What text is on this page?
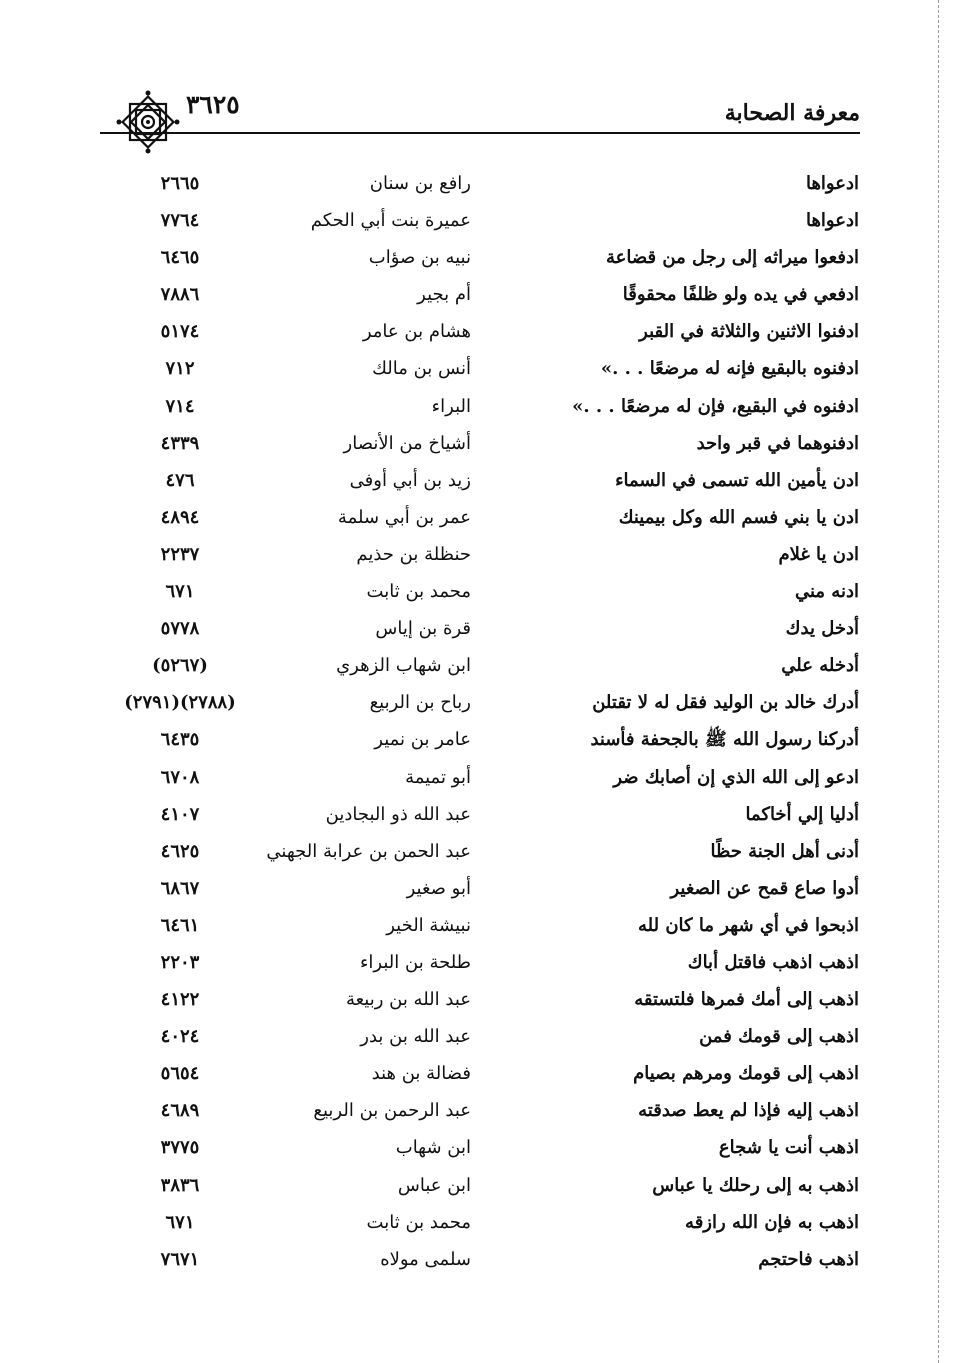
معرفة الصحابة
٣٦٢٥
ادعواها
رافع بن سنان
٢٦٦٥
ادعواها
عميرة بنت أبي الحكم
٧٧٦٤
ادفعوا ميراثه إلى رجل من قضاعة
نبيه بن صؤاب
٦٤٦٥
ادفعي في يده ولو ظلفًا محقوقًا
أم بجير
٧٨٨٦
ادفنوا الاثنين والثلاثة في القبر
هشام بن عامر
٥١٧٤
ادفنوه بالبقيع فإنه له مرضعًا . . .»
أنس بن مالك
٧١٢
ادفنوه في البقيع، فإن له مرضعًا . . .»
البراء
٧١٤
ادفنوهما في قبر واحد
أشياخ من الأنصار
٤٣٣٩
ادن يأمين الله تسمى في السماء
زيد بن أبي أوفى
٤٧٦
ادن يا بني فسم الله وكل بيمينك
عمر بن أبي سلمة
٤٨٩٤
ادن يا غلام
حنظلة بن حذيم
٢٢٣٧
ادنه مني
محمد بن ثابت
٦٧١
أدخل يدك
قرة بن إياس
٥٧٧٨
أدخله علي
ابن شهاب الزهري
(٥٢٦٧)
أدرك خالد بن الوليد فقل له لا تقتلن
رباح بن الربيع
(٢٧٨٨)(٢٧٩١)
أدركنا رسول الله ﷺ بالجحفة فأسند
عامر بن نمير
٦٤٣٥
ادعو إلى الله الذي إن أصابك ضر
أبو تميمة
٦٧٠٨
أدليا إلي أخاكما
عبد الله ذو البجادين
٤١٠٧
أدنى أهل الجنة حظًا
عبد الحمن بن عرابة الجهني
٤٦٢٥
أدوا صاع قمح عن الصغير
أبو صغير
٦٨٦٧
اذبحوا في أي شهر ما كان لله
نبيشة الخير
٦٤٦١
اذهب اذهب فاقتل أباك
طلحة بن البراء
٢٢٠٣
اذهب إلى أمك فمرها فلتستقه
عبد الله بن ربيعة
٤١٢٢
اذهب إلى قومك فمن
عبد الله بن بدر
٤٠٢٤
اذهب إلى قومك ومرهم بصيام
فضالة بن هند
٥٦٥٤
اذهب إليه فإذا لم يعط صدقته
عبد الرحمن بن الربيع
٤٦٨٩
اذهب أنت يا شجاع
ابن شهاب
٣٧٧٥
اذهب به إلى رحلك يا عباس
ابن عباس
٣٨٣٦
اذهب به فإن الله رازقه
محمد بن ثابت
٦٧١
اذهب فاحتجم
سلمى مولاه
٧٦٧١
